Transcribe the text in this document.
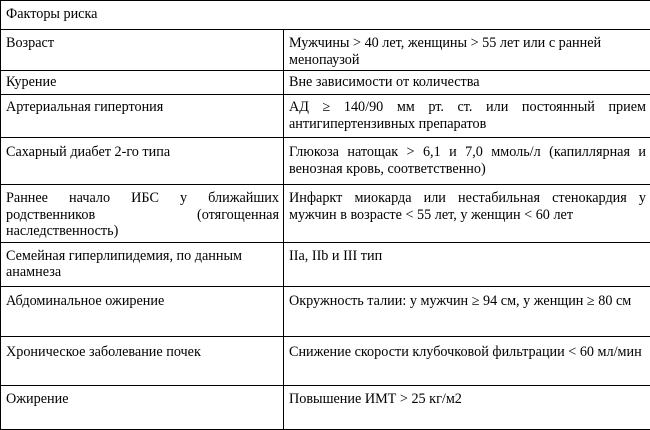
Факторы риска	
Возраст	Мужчины > 40 лет, женщины > 55 лет или с ранней менопаузой
Курение	Вне зависимости от количества
Артериальная гипертония	АД ≥ 140/90 мм рт. ст. или постоянный прием антигипертензивных препаратов
Сахарный диабет 2-го типа	Глюкоза натощак > 6,1 и 7,0 ммоль/л (капиллярная и венозная кровь, соответственно)
Раннее начало ИБС у ближайших родственников (отягощенная наследственность)	Инфаркт миокарда или нестабильная стенокардия у мужчин в возрасте < 55 лет, у женщин < 60 лет
Семейная гиперлипидемия, по данным анамнеза	IIa, IIb и III тип
Абдоминальное ожирение	Окружность талии: у мужчин ≥ 94 см, у женщин ≥ 80 см
Хроническое заболевание почек	Снижение скорости клубочковой фильтрации < 60 мл/мин
Ожирение	Повышение ИМТ > 25 кг/м2
